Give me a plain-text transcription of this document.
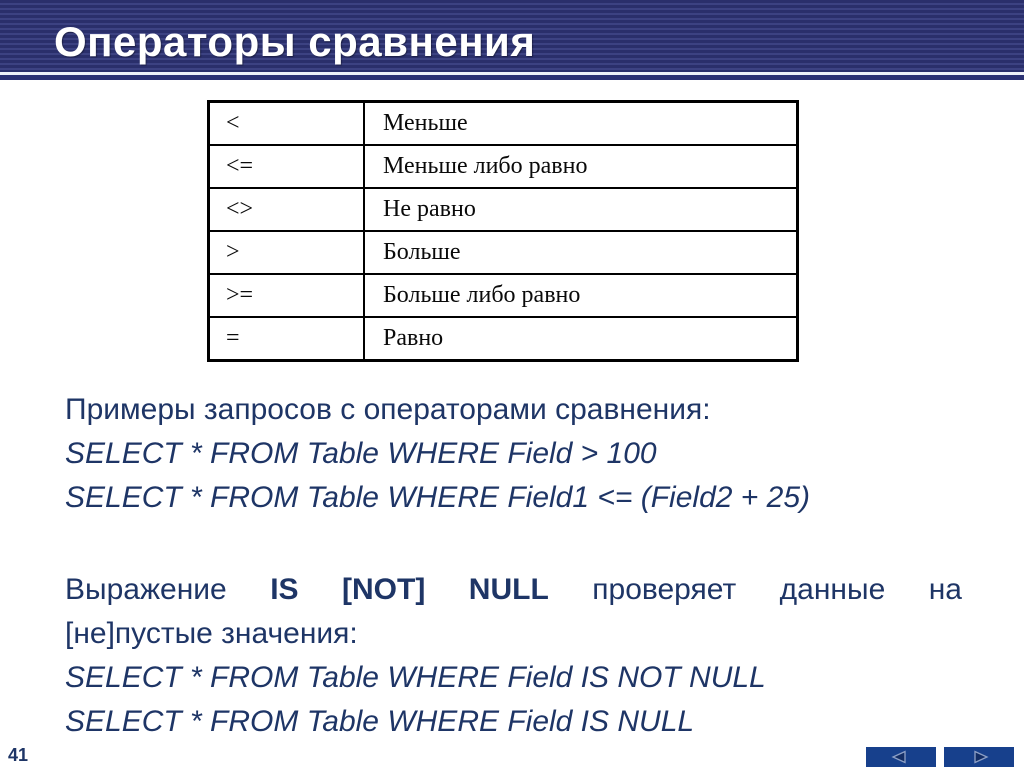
Операторы сравнения
<	Меньше
<=	Меньше либо равно
<>	Не равно
>	Больше
>=	Больше либо равно
=	Равно
Примеры запросов с операторами сравнения:
SELECT * FROM Table WHERE Field > 100
SELECT * FROM Table WHERE Field1 <= (Field2 + 25)
Выражение IS [NOT] NULL проверяет данные на
[не]пустые значения:
SELECT * FROM Table WHERE Field IS NOT NULL
SELECT * FROM Table WHERE Field IS NULL
41
